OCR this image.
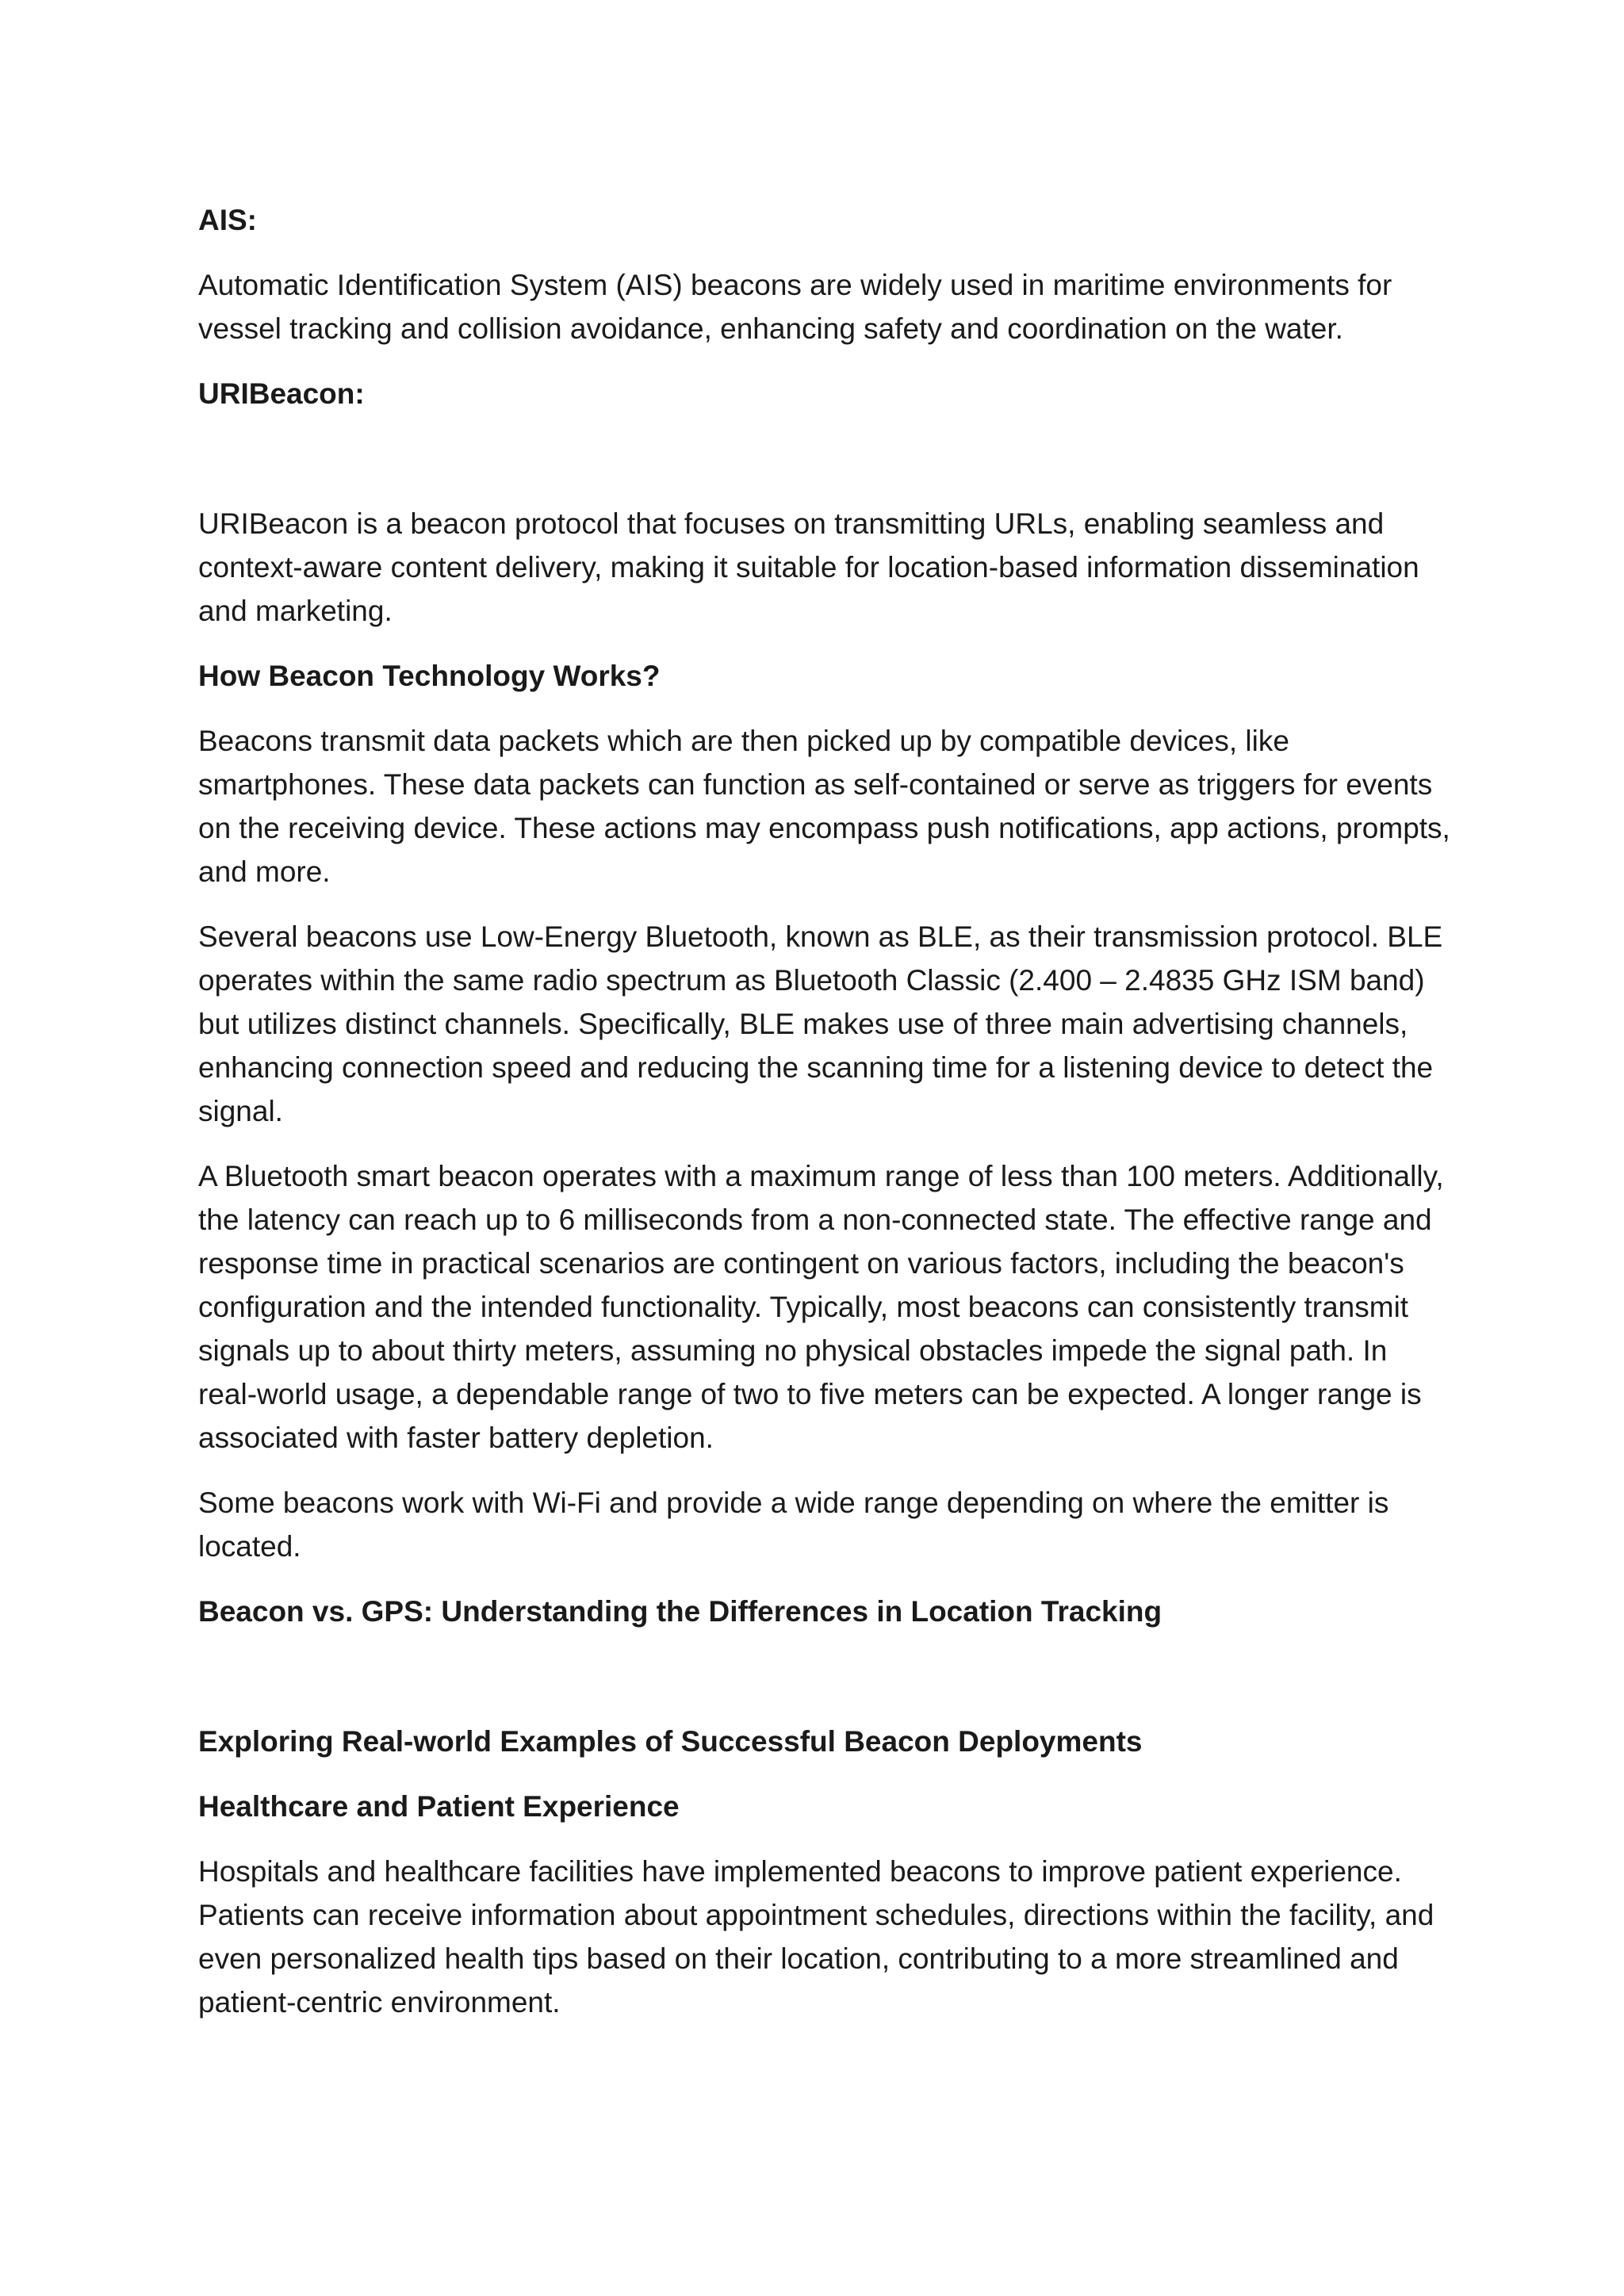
AIS:
Automatic Identification System (AIS) beacons are widely used in maritime environments for vessel tracking and collision avoidance, enhancing safety and coordination on the water.
URIBeacon:
URIBeacon is a beacon protocol that focuses on transmitting URLs, enabling seamless and context-aware content delivery, making it suitable for location-based information dissemination and marketing.
How Beacon Technology Works?
Beacons transmit data packets which are then picked up by compatible devices, like smartphones. These data packets can function as self-contained or serve as triggers for events on the receiving device. These actions may encompass push notifications, app actions, prompts, and more.
Several beacons use Low-Energy Bluetooth, known as BLE, as their transmission protocol. BLE operates within the same radio spectrum as Bluetooth Classic (2.400 – 2.4835 GHz ISM band) but utilizes distinct channels. Specifically, BLE makes use of three main advertising channels, enhancing connection speed and reducing the scanning time for a listening device to detect the signal.
A Bluetooth smart beacon operates with a maximum range of less than 100 meters. Additionally, the latency can reach up to 6 milliseconds from a non-connected state. The effective range and response time in practical scenarios are contingent on various factors, including the beacon's configuration and the intended functionality. Typically, most beacons can consistently transmit signals up to about thirty meters, assuming no physical obstacles impede the signal path. In real-world usage, a dependable range of two to five meters can be expected. A longer range is associated with faster battery depletion.
Some beacons work with Wi-Fi and provide a wide range depending on where the emitter is located.
Beacon vs. GPS: Understanding the Differences in Location Tracking
Exploring Real-world Examples of Successful Beacon Deployments
Healthcare and Patient Experience
Hospitals and healthcare facilities have implemented beacons to improve patient experience. Patients can receive information about appointment schedules, directions within the facility, and even personalized health tips based on their location, contributing to a more streamlined and patient-centric environment.
